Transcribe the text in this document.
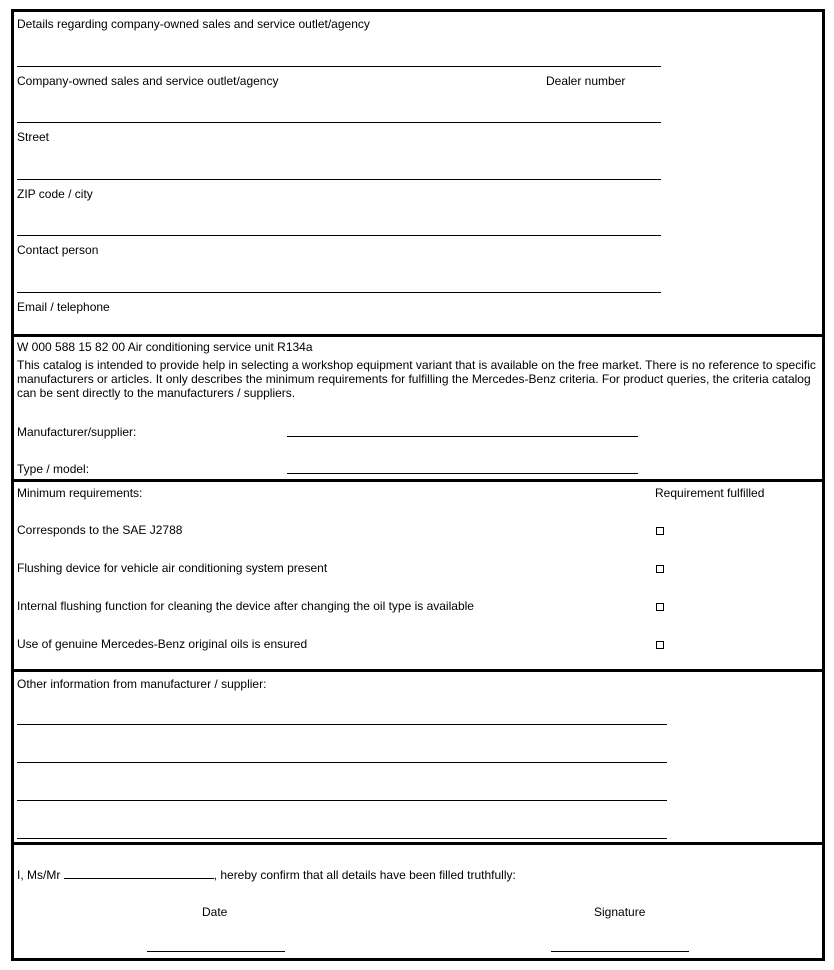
Details regarding company-owned sales and service outlet/agency
Company-owned sales and service outlet/agency	Dealer number
Street
ZIP code / city
Contact person
Email / telephone
W 000 588 15 82 00 Air conditioning service unit R134a
This catalog is intended to provide help in selecting a workshop equipment variant that is available on the free market. There is no reference to specific manufacturers or articles. It only describes the minimum requirements for fulfilling the Mercedes-Benz criteria. For product queries, the criteria catalog can be sent directly to the manufacturers / suppliers.
Manufacturer/supplier:
Type / model:
Minimum requirements:	Requirement fulfilled
Corresponds to the SAE J2788
Flushing device for vehicle air conditioning system present
Internal flushing function for cleaning the device after changing the oil type is available
Use of genuine Mercedes-Benz original oils is ensured
Other information from manufacturer / supplier:
I, Ms/Mr	, hereby confirm that all details have been filled truthfully:
Date	Signature
